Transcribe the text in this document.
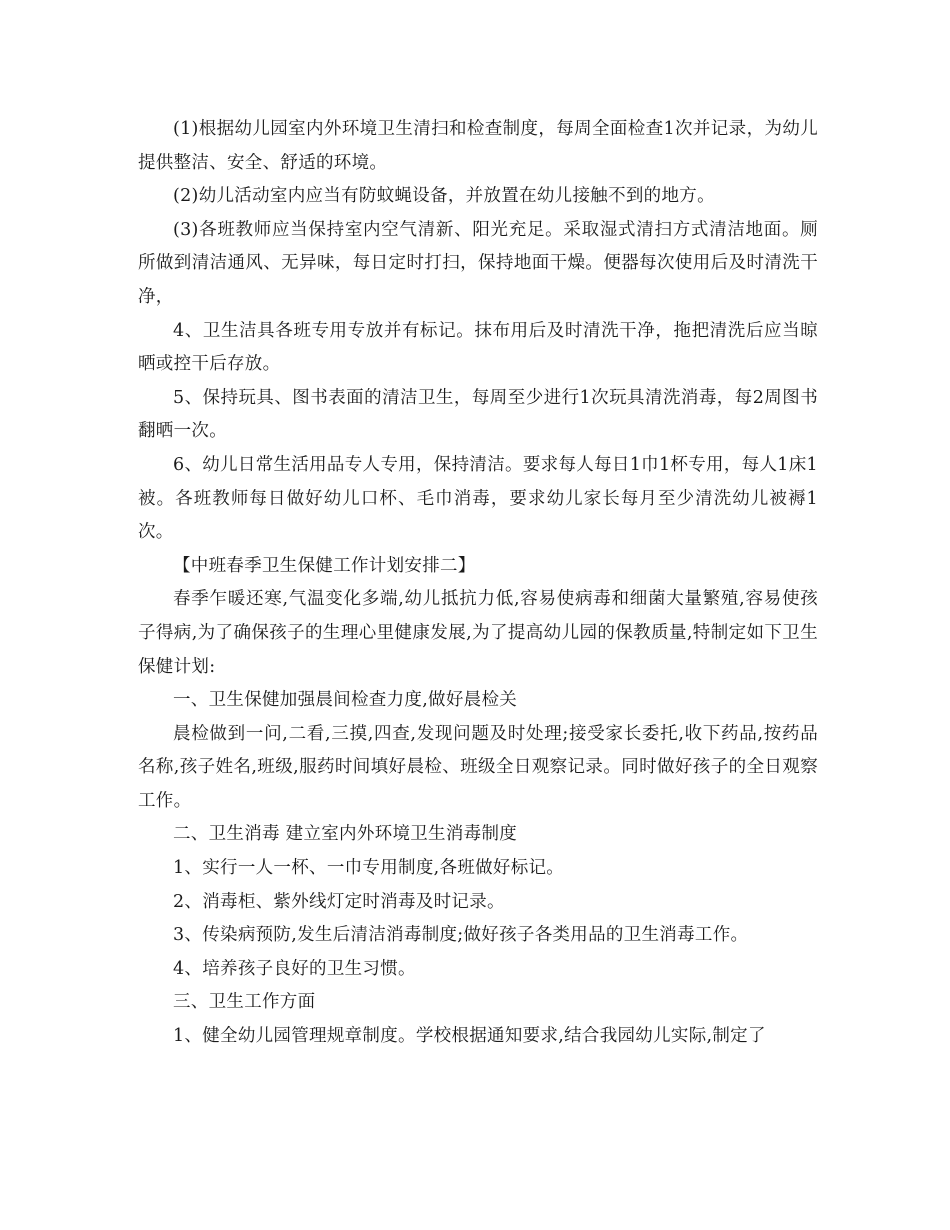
(1)根据幼儿园室内外环境卫生清扫和检查制度，每周全面检查1次并记录，为幼儿提供整洁、安全、舒适的环境。

(2)幼儿活动室内应当有防蚊蝇设备，并放置在幼儿接触不到的地方。

(3)各班教师应当保持室内空气清新、阳光充足。采取湿式清扫方式清洁地面。厕所做到清洁通风、无异味，每日定时打扫，保持地面干燥。便器每次使用后及时清洗干净，

4、卫生洁具各班专用专放并有标记。抹布用后及时清洗干净，拖把清洗后应当晾晒或控干后存放。

5、保持玩具、图书表面的清洁卫生，每周至少进行1次玩具清洗消毒，每2周图书翻晒一次。

6、幼儿日常生活用品专人专用，保持清洁。要求每人每日1巾1杯专用，每人1床1被。各班教师每日做好幼儿口杯、毛巾消毒，要求幼儿家长每月至少清洗幼儿被褥1次。

【中班春季卫生保健工作计划安排二】

春季乍暖还寒,气温变化多端,幼儿抵抗力低,容易使病毒和细菌大量繁殖,容易使孩子得病,为了确保孩子的生理心里健康发展,为了提高幼儿园的保教质量,特制定如下卫生保健计划:

一、卫生保健加强晨间检查力度,做好晨检关

晨检做到一问,二看,三摸,四查,发现问题及时处理;接受家长委托,收下药品,按药品名称,孩子姓名,班级,服药时间填好晨检、班级全日观察记录。同时做好孩子的全日观察工作。

二、卫生消毒 建立室内外环境卫生消毒制度

1、实行一人一杯、一巾专用制度,各班做好标记。

2、消毒柜、紫外线灯定时消毒及时记录。

3、传染病预防,发生后清洁消毒制度;做好孩子各类用品的卫生消毒工作。

4、培养孩子良好的卫生习惯。

三、卫生工作方面

1、健全幼儿园管理规章制度。学校根据通知要求,结合我园幼儿实际,制定了
